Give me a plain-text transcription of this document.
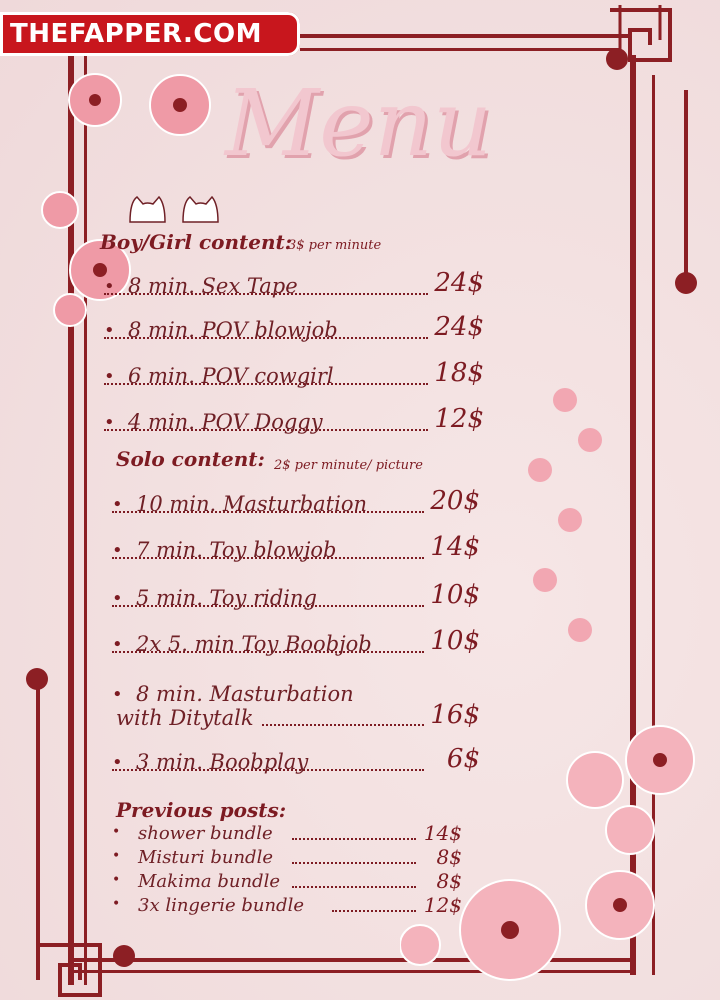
THEFAPPER.COM
Menu
Boy/Girl content:
3$ per minute
• 8 min. Sex Tape	24$
• 8 min. POV blowjob	24$
• 6 min. POV cowgirl	18$
• 4 min. POV Doggy	12$
Solo content: 2$ per minute/ picture
• 10 min. Masturbation 20$
• 7 min. Toy blowjob	14$
• 5 min. Toy riding	10$
• 2x 5. min Toy Boobjob 10$
• 8 min. Masturbation
with Ditytalk	16$
• 3 min. Boobplay	6$
Previous posts:
• shower bundle	14$
• Misturi bundle	8$
• Makima bundle	8$
• 3x lingerie bundle	12$
